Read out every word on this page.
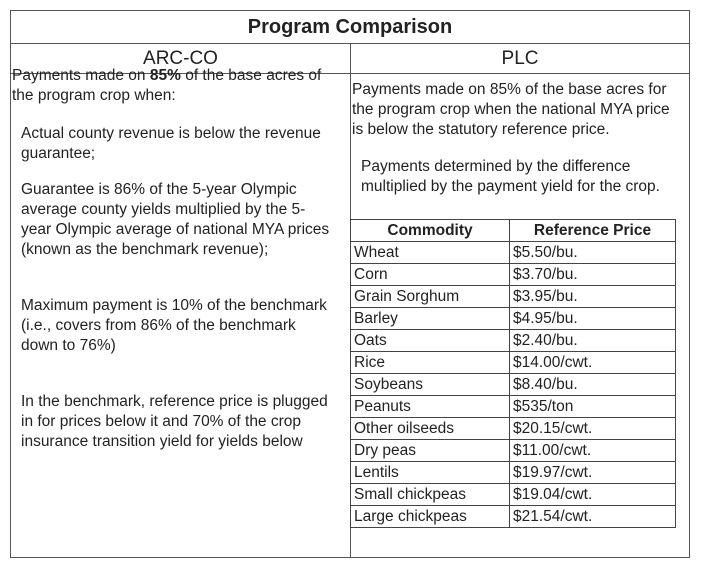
Program Comparison
ARC-CO	PLC

Payments made on 85% of the base acres of the program crop when:

Actual county revenue is below the revenue guarantee;

Guarantee is 86% of the 5-year Olympic average county yields multiplied by the 5-year Olympic average of national MYA prices (known as the benchmark revenue);

Maximum payment is 10% of the benchmark (i.e., covers from 86% of the benchmark down to 76%)

In the benchmark, reference price is plugged in for prices below it and 70% of the crop insurance transition yield for yields below

Payments made on 85% of the base acres for the program crop when the national MYA price is below the statutory reference price.

Payments determined by the difference multiplied by the payment yield for the crop.

Commodity	Reference Price
Wheat	$5.50/bu.
Corn	$3.70/bu.
Grain Sorghum	$3.95/bu.
Barley	$4.95/bu.
Oats	$2.40/bu.
Rice	$14.00/cwt.
Soybeans	$8.40/bu.
Peanuts	$535/ton
Other oilseeds	$20.15/cwt.
Dry peas	$11.00/cwt.
Lentils	$19.97/cwt.
Small chickpeas	$19.04/cwt.
Large chickpeas	$21.54/cwt.
